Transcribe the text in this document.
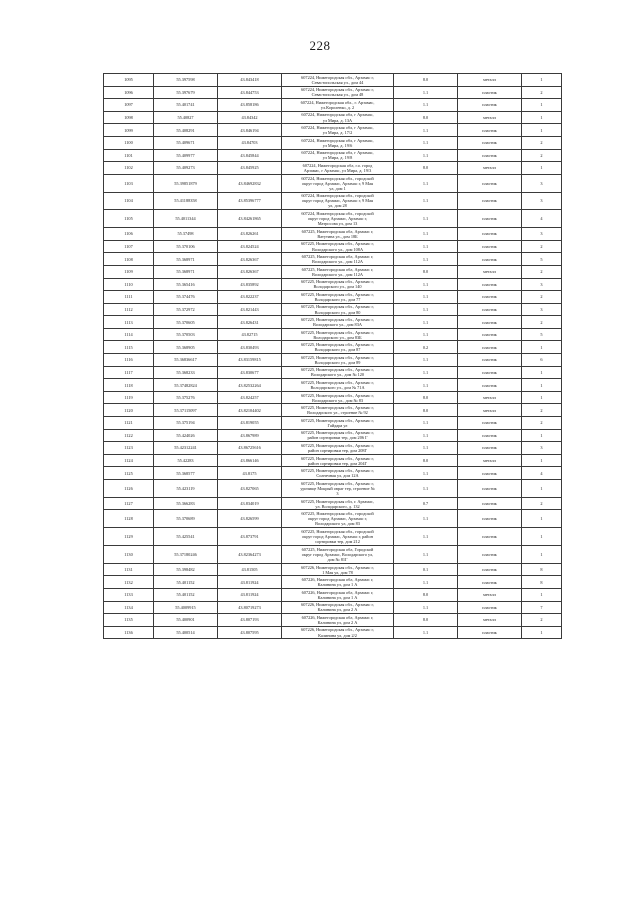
228
1095	55.397598	43.843418	607224, Нижегородская обл., Арзамас г,
Севастопольская ул., дом 44	8.0	металл	1
1096	55.397679	43.844753	607224, Нижегородская обл., Арзамас г,
Севастопольская ул., дом 48	1.1	пластик	2
1097	55.401741	43.858186	607224, Нижегородская обл., г. Арзамас,
ул.Короленко, д. 2	1.1	пластик	1
1098	55.40827	43.84342	607224, Нижегородская обл, г Арзамас,
ул Мира, д. 13А	8.0	металл	1
1099	55.408291	43.846194	607224, Нижегородская обл, г Арзамас,
ул Мира, д. 17/2	1.1	пластик	1
1100	55.409671	43.84703	607224, Нижегородская обл, г Арзамас,
ул Мира, д. 19/6	1.1	пластик	2
1101	55.409977	43.845844	607224, Нижегородская обл, г Арзамас,
ул Мира, д. 19/8	1.1	пластик	2
1102	55.409273	43.845925	607224, Нижегородская обл, г.о. город
Арзамас, г Арзамас, ул Мира, д. 19/3	8.0	металл	1
1103	55.39851879	43.84692832	607224, Нижегородская обл., городской
округ город Арзамас, Арзамас г, 9 Мая
ул, дом 1	1.1	пластик	3
1104	55.41188358	43.85396777	607224, Нижегородская обл., городской
округ город Арзамас, Арзамас г, 9 Мая
ул, дом 28	1.1	пластик	3
1105	55.4011344	43.84261865	607224, Нижегородская обл., городской
округ город Арзамас, Арзамас г,
Матросова ул, дом 13	1.1	пластик	4
1106	55.37498	43.826261	607225, Нижегородская обл, Арзамас г,
Ватутина ул., дом 18Б	1.1	пластик	3
1107	55.370106	43.824524	607225, Нижегородская обл., Арзамас г,
Володарского ул., дом 108А	1.1	пластик	2
1108	55.368971	43.826367	607225, Нижегородская обл, Арзамас г,
Володарского ул., дом 112А	1.1	пластик	5
1109	55.368971	43.826367	607225, Нижегородская обл, Арзамас г,
Володарского ул., дом 112А	8.0	металл	2
1110	55.365416	43.835892	607225, Нижегородская обл., Арзамас г,
Володарского ул., дом 140	1.1	пластик	3
1111	55.374476	43.822237	607225, Нижегородская обл., Арзамас г,
Володарского ул., дом 77	1.1	пластик	2
1112	55.372972	43.821443	607225, Нижегородская обл., Арзамас г,
Володарского ул., дом 80	1.1	пластик	3
1113	55.370605	43.826431	607225, Нижегородская обл., Арзамас г,
Володарского ул., дом 83А	1.1	пластик	2
1114	55.370503	43.82715	607225, Нижегородская обл., Арзамас г,
Володарского ул., дом 83Б	1.1	пластик	5
1115	55.368905	43.830493	607225, Нижегородская обл., Арзамас г,
Володарского ул., дом 87	0.2	пластик	1
1116	55.36836617	43.83159815	607225, Нижегородская обл., Арзамас г,
Володарского ул., дом 89	1.1	пластик	6
1117	55.368233	43.830677	607225, Нижегородская обл., Арзамас г,
Володарского ул., дом № 120	1.1	пластик	1
1118	55.37482824	43.82532264	607225, Нижегородская обл., Арзамас г,
Володарского ул., дом № 71А	1.1	пластик	1
1119	55.375276	43.824257	607225, Нижегородская обл., Арзамас г,
Володарского ул., дом № 83	8.0	металл	1
1120	55.37115097	43.82104402	607225, Нижегородская обл., Арзамас г,
Володарского ул., строение № 92	8.0	металл	2
1121	55.375194	43.819055	607225, Нижегородская обл., Арзамас г,
Гайдара ул	1.1	пластик	2
1122	55.424026	43.867989	607225, Нижегородская обл., Арзамас г,
район сортировки тер, дом 206 Г	1.1	пластик	1
1123	55.42312241	43.86725616	607225, Нижегородская обл., Арзамас г,
район сортировки тер, дом 208Г	1.1	пластик	3
1124	55.42283	43.866146	607225, Нижегородская обл., Арзамас г,
район сортировки тер, дом 204Г	8.0	металл	1
1125	55.368577	43.8175	607225, Нижегородская обл., Арзамас г,
Солнечная ул, дом 12А	1.1	пластик	4
1126	55.423119	43.827065	607225, Нижегородская обл., Арзамас г,
урочище Мокрый овраг тер, строение №
3	1.1	пластик	1
1127	55.366283	43.834019	607225, Нижегородская обл, г. Арзамас,
ул. Володарского, д. 132	0.7	пластик	2
1128	55.370689	43.826599	607225, Нижегородская обл., городской
округ город Арзамас, Арзамас г,
Володарского ул, дом 83	1.1	пластик	1
1129	55.425541	43.873791	607225, Нижегородская обл., городской
округ город Арзамас, Арзамас г, район
сортировки тер, дом 212	1.1	пластик	1
1130	55.37180246	43.82364273	607225, Нижегородская обл, Городской
округ город Арзамас, Володарского ул,
дом № 81Г	1.1	пластик	1
1131	55.398482	43.81505	607226, Нижегородская обл., Арзамас г,
1 Мая ул, дом 78	0.1	пластик	8
1132	55.401152	43.811924	607226, Нижегородская обл, Арзамас г,
Калинина ул, дом 1 А	1.1	пластик	8
1133	55.401152	43.811924	607226, Нижегородская обл, Арзамас г,
Калинина ул, дом 1 А	8.0	металл	1
1134	55.4009915	43.80719273	607226, Нижегородская обл., Арзамас г,
Калинина ул, дом 2 А	1.1	пластик	7
1135	55.400901	43.807193	607226, Нижегородская обл, Арзамас г,
Калинина ул, дом 2 А	8.0	металл	2
1136	55.400514	43.807595	607226, Нижегородская обл., Арзамас г,
Калинина ул, дом 2/2	1.1	пластик	1
